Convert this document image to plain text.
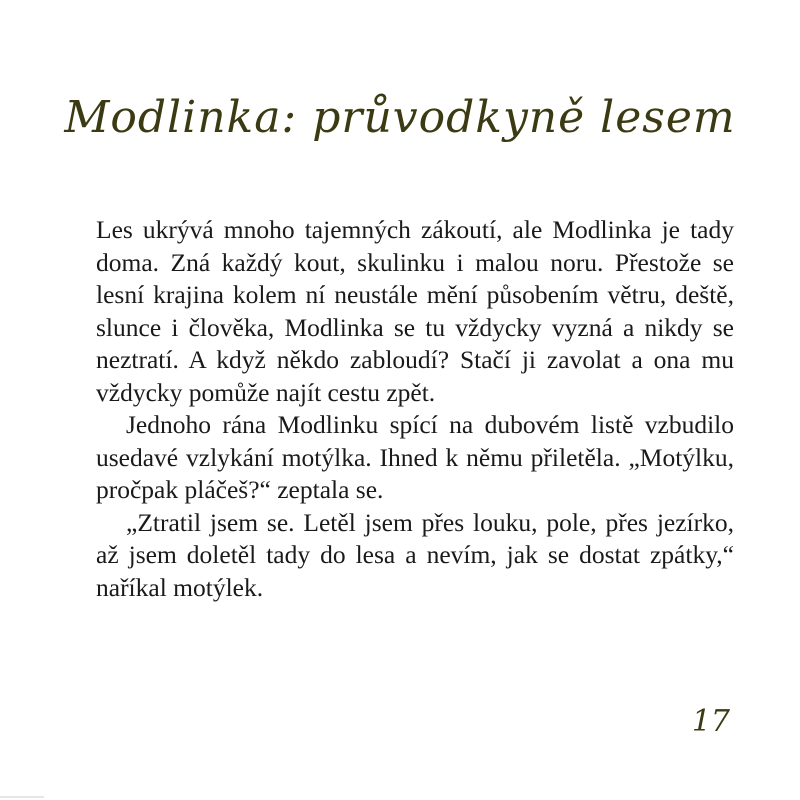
Modlinka: průvodkyně lesem

Les ukrývá mnoho tajemných zákoutí, ale Modlinka je tady doma. Zná každý kout, skulinku i malou noru. Přestože se lesní krajina kolem ní neustále mění působením větru, deště, slunce i člověka, Modlinka se tu vždycky vyzná a nikdy se neztratí. A když někdo zabloudí? Stačí ji zavolat a ona mu vždycky pomůže najít cestu zpět.

Jednoho rána Modlinku spící na dubovém listě vzbudilo usedavé vzlykání motýlka. Ihned k němu přiletěla. „Motýlku, pročpak pláčeš?“ zeptala se.

„Ztratil jsem se. Letěl jsem přes louku, pole, přes jezírko, až jsem doletěl tady do lesa a nevím, jak se dostat zpátky,“ naříkal motýlek.

17
